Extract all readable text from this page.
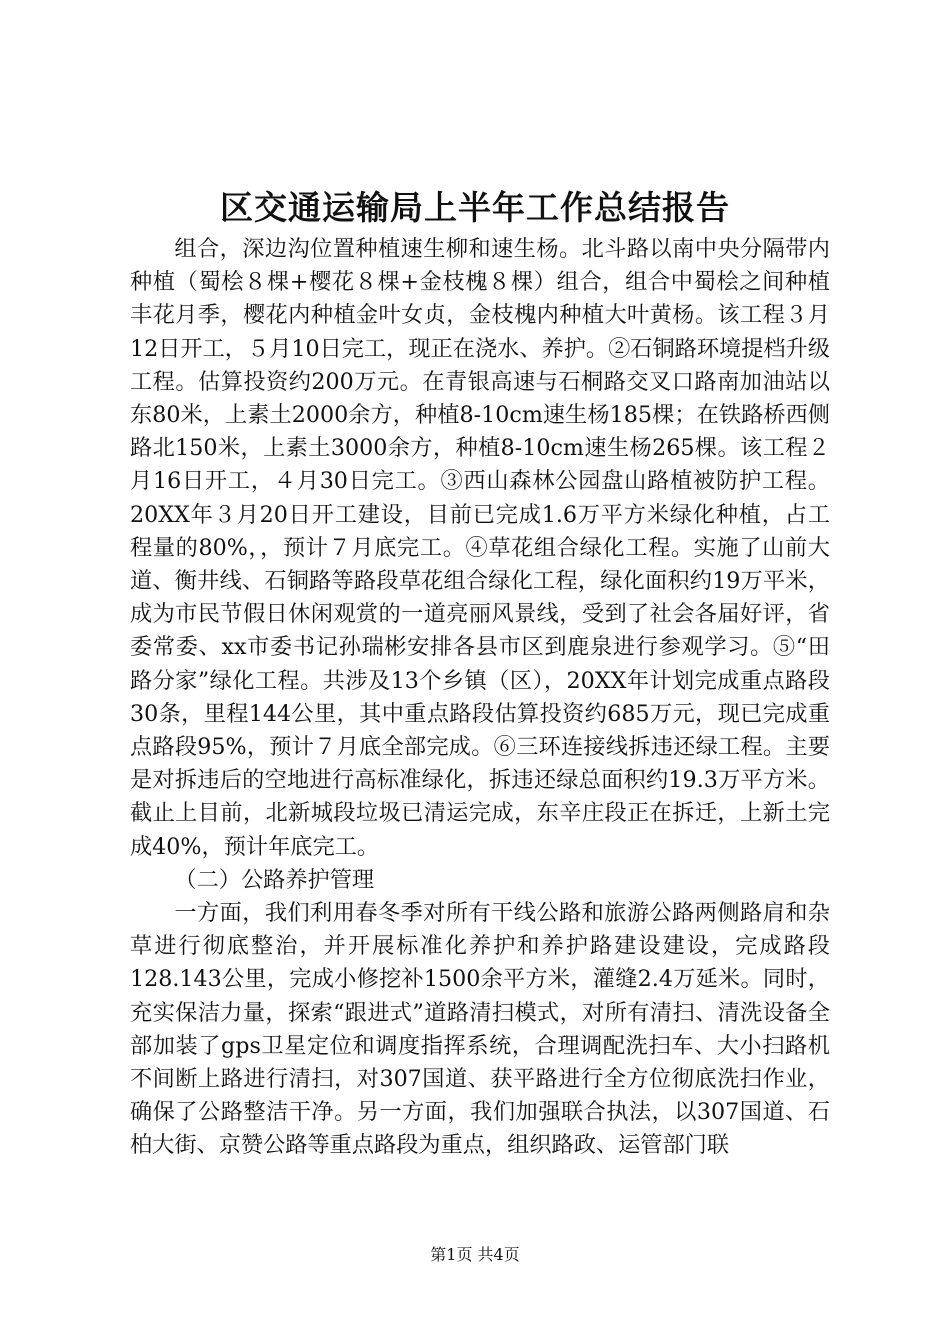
区交通运输局上半年工作总结报告

组合，深边沟位置种植速生柳和速生杨。北斗路以南中央分隔带内种植（蜀桧８棵+樱花８棵+金枝槐８棵）组合，组合中蜀桧之间种植丰花月季，樱花内种植金叶女贞，金枝槐内种植大叶黄杨。该工程３月12日开工，５月10日完工，现正在浇水、养护。②石铜路环境提档升级工程。估算投资约200万元。在青银高速与石桐路交叉口路南加油站以东80米，上素土2000余方，种植8-10cm速生杨185棵；在铁路桥西侧路北150米，上素土3000余方，种植8-10cm速生杨265棵。该工程２月16日开工，４月30日完工。③西山森林公园盘山路植被防护工程。20XX年３月20日开工建设，目前已完成1.6万平方米绿化种植，占工程量的80%，，预计７月底完工。④草花组合绿化工程。实施了山前大道、衡井线、石铜路等路段草花组合绿化工程，绿化面积约19万平米，成为市民节假日休闲观赏的一道亮丽风景线，受到了社会各届好评，省委常委、xx市委书记孙瑞彬安排各县市区到鹿泉进行参观学习。⑤“田路分家”绿化工程。共涉及13个乡镇（区），20XX年计划完成重点路段30条，里程144公里，其中重点路段估算投资约685万元，现已完成重点路段95%，预计７月底全部完成。⑥三环连接线拆违还绿工程。主要是对拆违后的空地进行高标准绿化，拆违还绿总面积约19.3万平方米。截止上目前，北新城段垃圾已清运完成，东辛庄段正在拆迁，上新土完成40%，预计年底完工。

（二）公路养护管理

一方面，我们利用春冬季对所有干线公路和旅游公路两侧路肩和杂草进行彻底整治，并开展标准化养护和养护路建设建设，完成路段128.143公里，完成小修挖补1500余平方米，灌缝2.4万延米。同时，充实保洁力量，探索“跟进式”道路清扫模式，对所有清扫、清洗设备全部加装了gps卫星定位和调度指挥系统，合理调配洗扫车、大小扫路机不间断上路进行清扫，对307国道、获平路进行全方位彻底洗扫作业，确保了公路整洁干净。另一方面，我们加强联合执法，以307国道、石柏大街、京赞公路等重点路段为重点，组织路政、运管部门联

第1页 共4页
